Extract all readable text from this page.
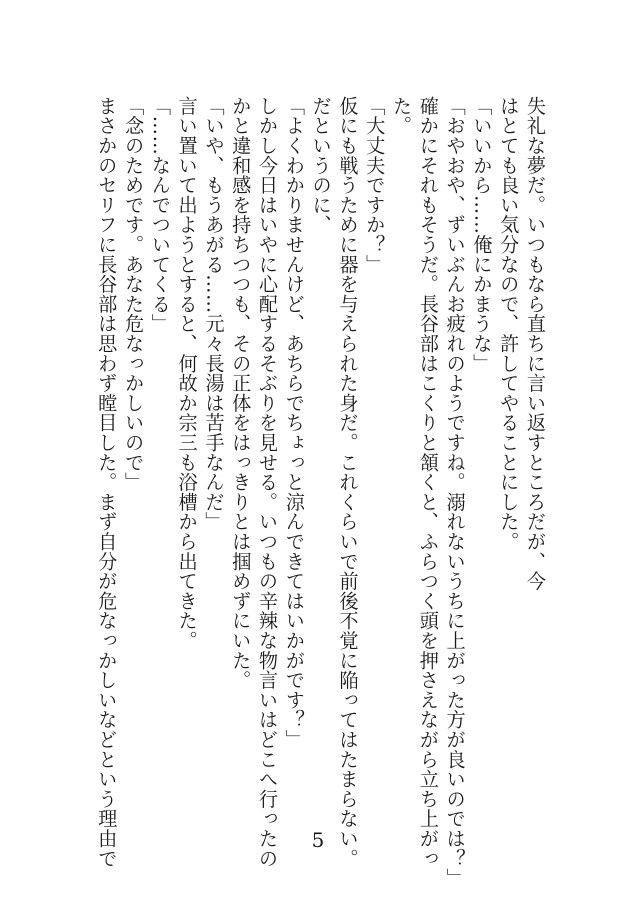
失礼な夢だ。いつもなら直ちに言い返すところだが、今

はとても良い気分なので、許してやることにした。

「いいから……俺にかまうな」

「おやおや、ずいぶんお疲れのようですね。溺れないうちに上がった方が良いのでは？」

確かにそれもそうだ。長谷部はこくりと頷くと、ふらつく頭を押さえながら立ち上がっ

た。

「大丈夫ですか？」

仮にも戦うために器を与えられた身だ。これくらいで前後不覚に陥ってはたまらない。

だというのに、

「よくわかりませんけど、あちらでちょっと涼んできてはいかがです？」

しかし今日はいやに心配するそぶりを見せる。いつもの辛辣な物言いはどこへ行ったの

かと違和感を持ちつつも、その正体をはっきりとは掴めずにいた。

「いや、もうあがる……元々長湯は苦手なんだ」

言い置いて出ようとすると、何故か宗三も浴槽から出てきた。

「……なんでついてくる」

「念のためです。あなた危なっかしいので」

まさかのセリフに長谷部は思わず瞠目した。まず自分が危なっかしいなどという理由で	5
